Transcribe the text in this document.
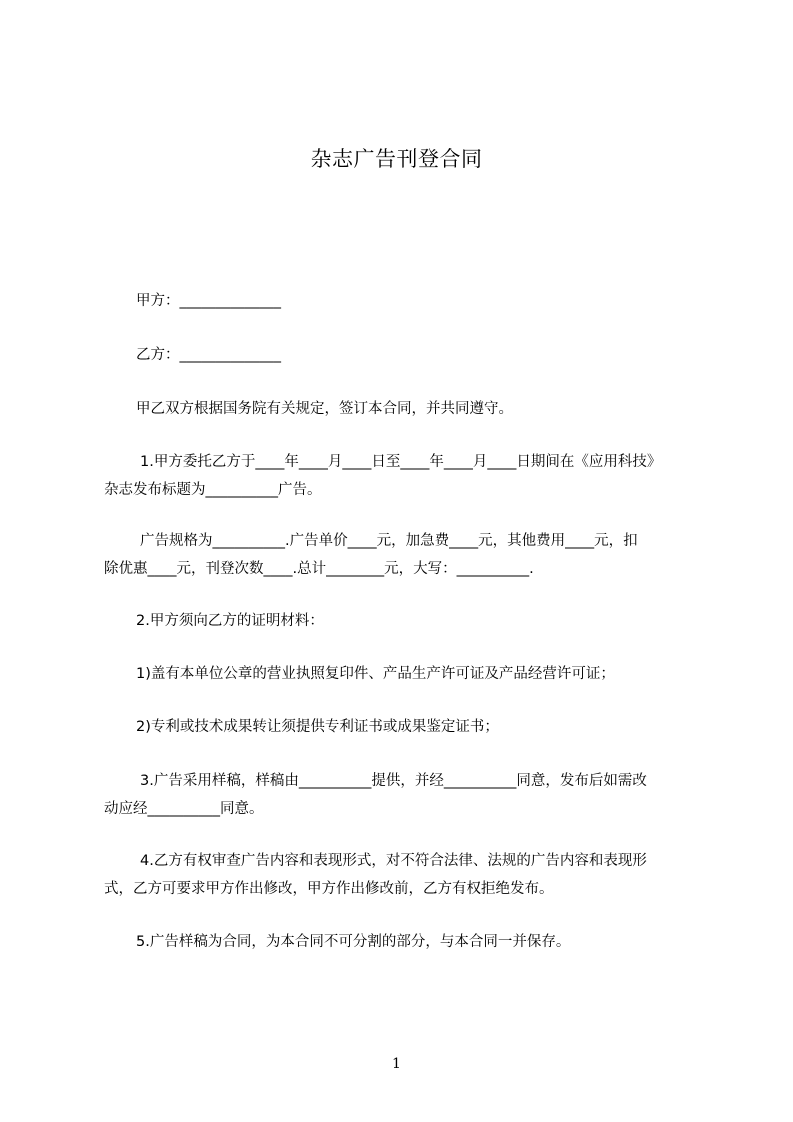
杂志广告刊登合同
甲方：______________
乙方：______________
甲乙双方根据国务院有关规定，签订本合同，并共同遵守。
1.甲方委托乙方于____年____月____日至____年____月____日期间在《应用科技》
杂志发布标题为__________广告。
广告规格为__________.广告单价____元，加急费____元，其他费用____元，扣
除优惠____元，刊登次数____.总计________元，大写：__________.
2.甲方须向乙方的证明材料：
1)盖有本单位公章的营业执照复印件、产品生产许可证及产品经营许可证；
2)专利或技术成果转让须提供专利证书或成果鉴定证书；
3.广告采用样稿，样稿由__________提供，并经__________同意，发布后如需改
动应经__________同意。
4.乙方有权审查广告内容和表现形式，对不符合法律、法规的广告内容和表现形
式，乙方可要求甲方作出修改，甲方作出修改前，乙方有权拒绝发布。
5.广告样稿为合同，为本合同不可分割的部分，与本合同一并保存。
1
